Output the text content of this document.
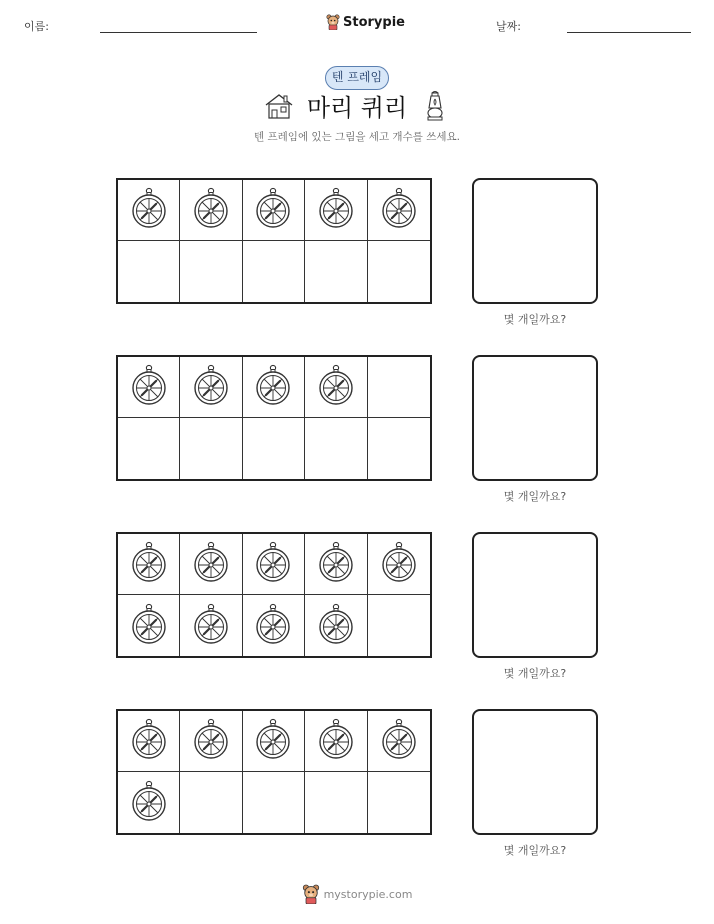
이름:	Storypie	날짜:
텐 프레임
마리 퀴리
텐 프레임에 있는 그림을 세고 개수를 쓰세요.
몇 개일까요?
몇 개일까요?
몇 개일까요?
몇 개일까요?
mystorypie.com
